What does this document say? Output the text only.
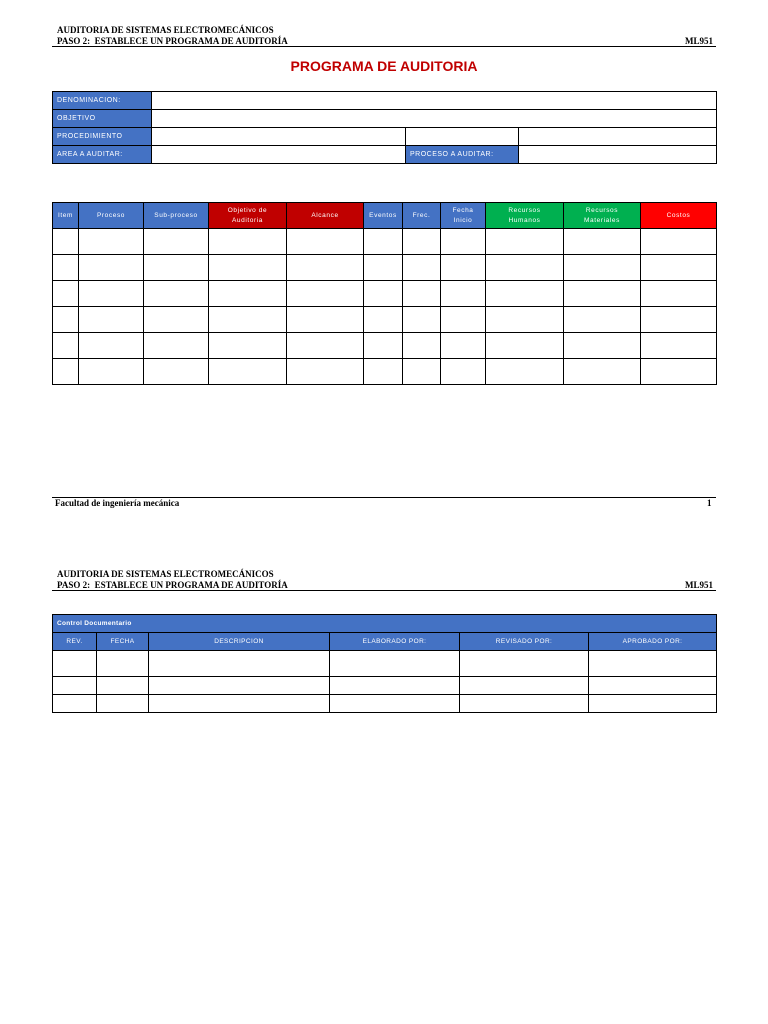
AUDITORIA DE SISTEMAS ELECTROMECÁNICOS
PASO 2:  ESTABLECE UN PROGRAMA DE AUDITORÍA	ML951
PROGRAMA DE AUDITORIA
DENOMINACION:			
OBJETIVO			
PROCEDIMIENTO			
AREA A AUDITAR:		PROCESO A AUDITAR:	
Item	Proceso	Sub-proceso	Objetivo de Auditoria	Alcance	Eventos	Frec.	Fecha Inicio	Recursos Humanos	Recursos Materiales	Costos

Facultad de ingeniería mecánica	1
AUDITORIA DE SISTEMAS ELECTROMECÁNICOS
PASO 2:  ESTABLECE UN PROGRAMA DE AUDITORÍA	ML951
Control Documentario					
REV.	FECHA	DESCRIPCION	ELABORADO POR:	REVISADO POR:	APROBADO POR:
